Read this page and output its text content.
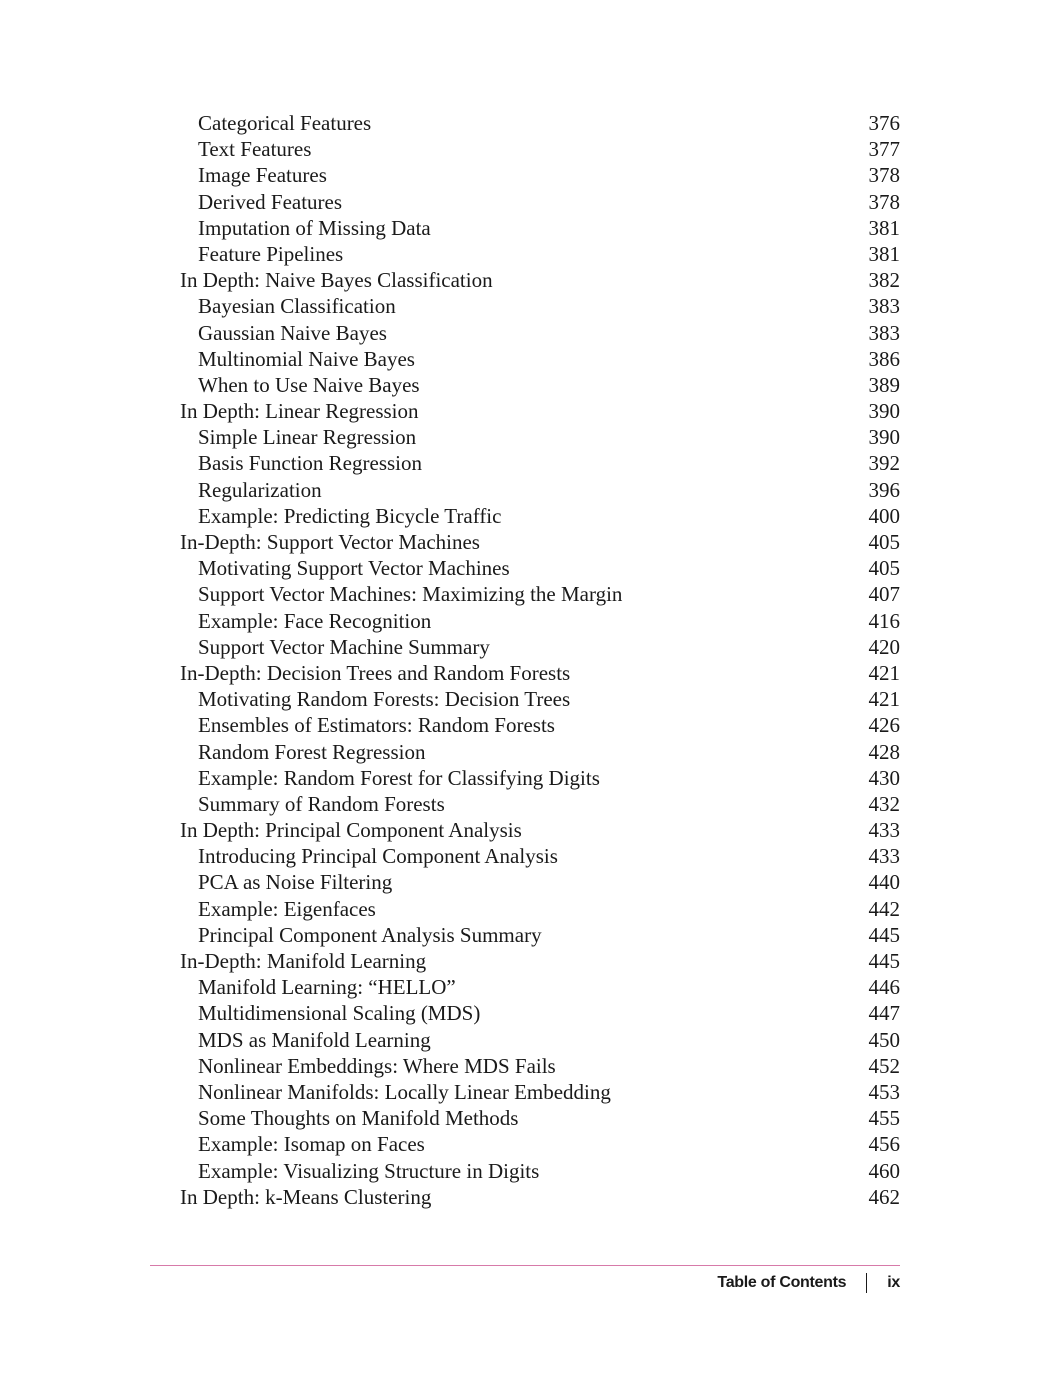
Categorical Features	376
Text Features	377
Image Features	378
Derived Features	378
Imputation of Missing Data	381
Feature Pipelines	381
In Depth: Naive Bayes Classification	382
Bayesian Classification	383
Gaussian Naive Bayes	383
Multinomial Naive Bayes	386
When to Use Naive Bayes	389
In Depth: Linear Regression	390
Simple Linear Regression	390
Basis Function Regression	392
Regularization	396
Example: Predicting Bicycle Traffic	400
In-Depth: Support Vector Machines	405
Motivating Support Vector Machines	405
Support Vector Machines: Maximizing the Margin	407
Example: Face Recognition	416
Support Vector Machine Summary	420
In-Depth: Decision Trees and Random Forests	421
Motivating Random Forests: Decision Trees	421
Ensembles of Estimators: Random Forests	426
Random Forest Regression	428
Example: Random Forest for Classifying Digits	430
Summary of Random Forests	432
In Depth: Principal Component Analysis	433
Introducing Principal Component Analysis	433
PCA as Noise Filtering	440
Example: Eigenfaces	442
Principal Component Analysis Summary	445
In-Depth: Manifold Learning	445
Manifold Learning: “HELLO”	446
Multidimensional Scaling (MDS)	447
MDS as Manifold Learning	450
Nonlinear Embeddings: Where MDS Fails	452
Nonlinear Manifolds: Locally Linear Embedding	453
Some Thoughts on Manifold Methods	455
Example: Isomap on Faces	456
Example: Visualizing Structure in Digits	460
In Depth: k-Means Clustering	462
Table of Contents	ix
